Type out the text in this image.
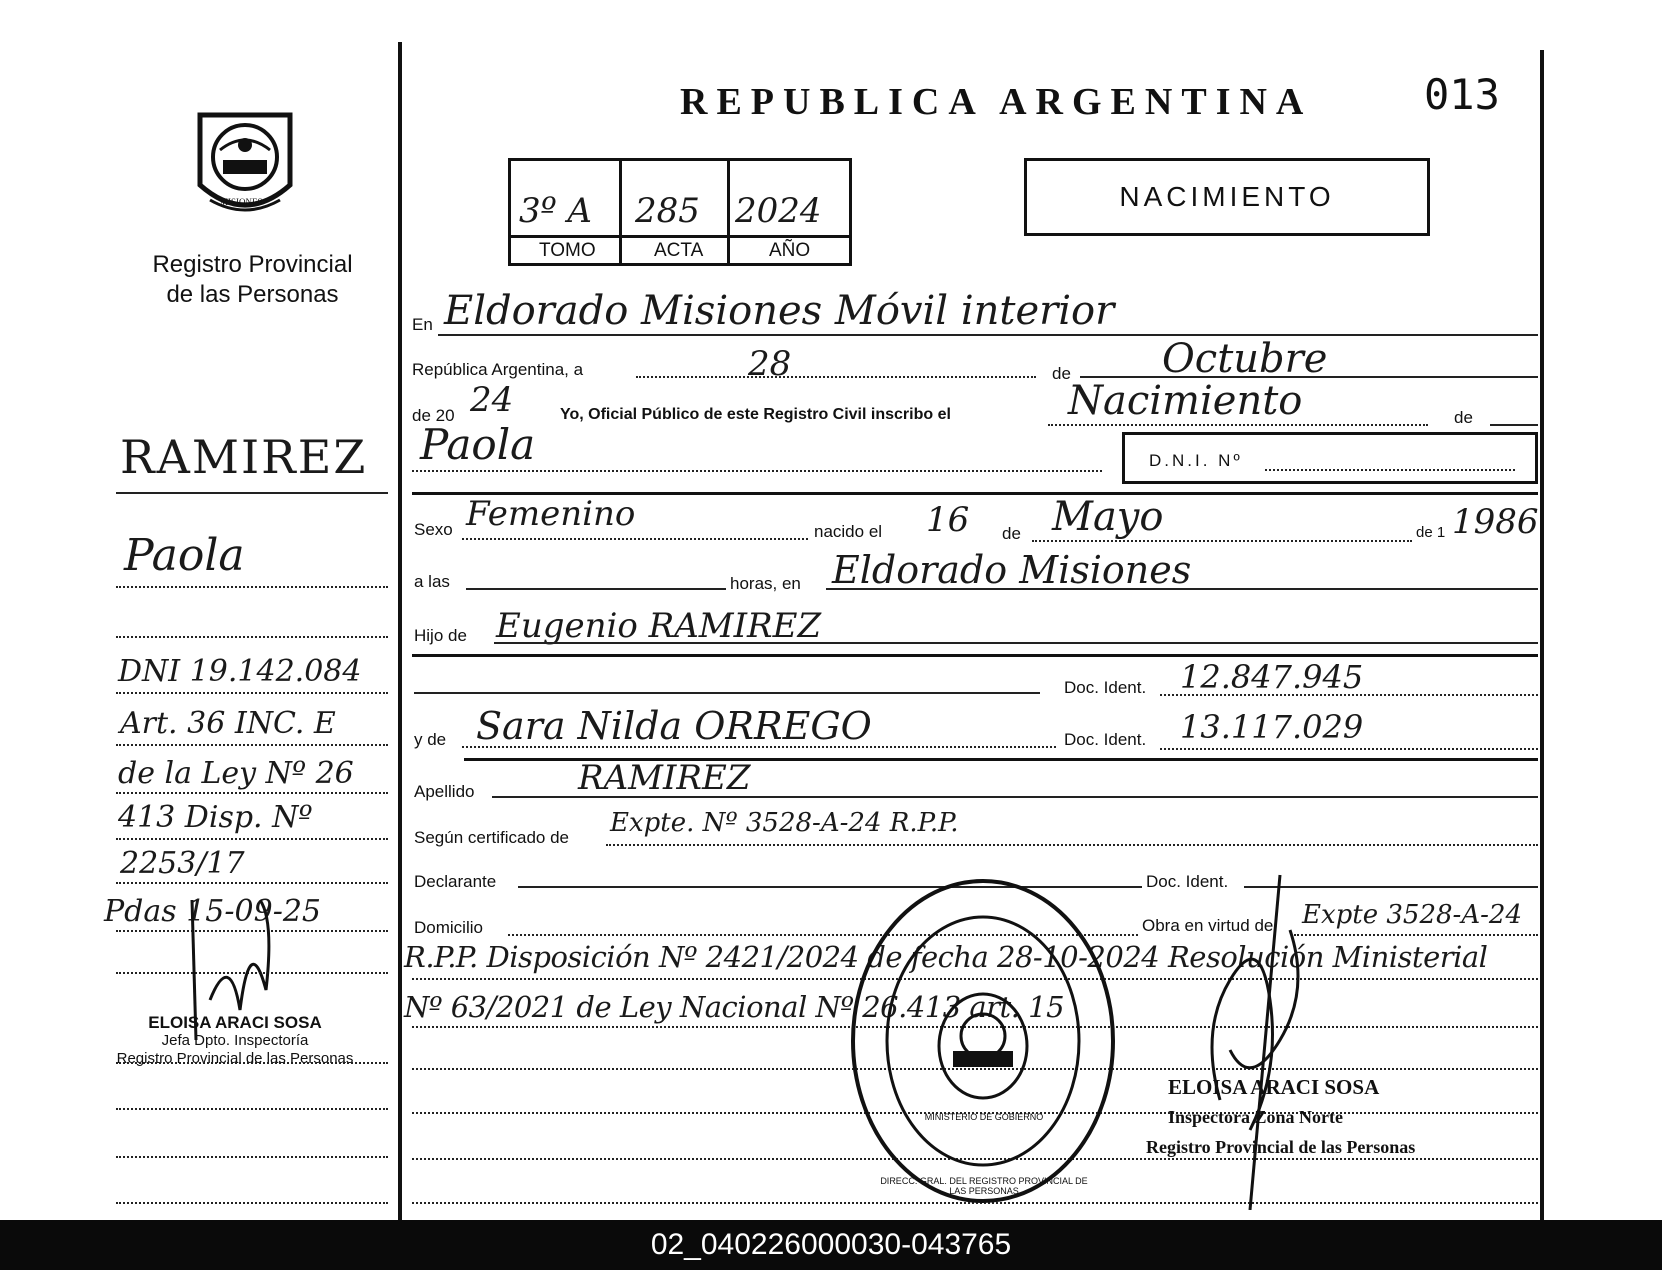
REPUBLICA ARGENTINA	013
MISIONES
Registro Provincial
de las Personas
3º A 285 2024
TOMO	ACTA	AÑO
NACIMIENTO
En Eldorado Misiones Móvil interior
República Argentina, a	28	de Octubre
de 20 24	Yo, Oficial Público de este Registro Civil inscribo el	Nacimiento	de
Paola	D.N.I. Nº
Sexo Femenino	nacido el 16 de Mayo	de 1 1986
a las	horas, en Eldorado Misiones
Hijo de Eugenio RAMIREZ
Doc. Ident. 12.847.945
y de Sara Nilda ORREGO	Doc. Ident. 13.117.029
Apellido	RAMIREZ
Según certificado de Expte. Nº 3528-A-24 R.P.P.
Declarante	Doc. Ident.
Domicilio	Obra en virtud de Expte 3528-A-24
R.P.P. Disposición Nº 2421/2024 de fecha 28-10-2024 Resolución Ministerial
Nº 63/2021 de Ley Nacional Nº 26.413 art. 15
DIRECC. GRAL. DEL REGISTRO PROVINCIAL DE LAS PERSONAS
MINISTERIO DE GOBIERNO
ELOISA ARACI SOSA
Inspectora Zona Norte
Registro Provincial de las Personas
RAMIREZ
Paola
DNI 19.142.084
Art. 36 INC. E
de la Ley Nº 26
413 Disp. Nº
2253/17
Pdas 15-09-25
ELOISA ARACI SOSA
Jefa Dpto. Inspectoría
Registro Provincial de las Personas
02_040226000030-043765
